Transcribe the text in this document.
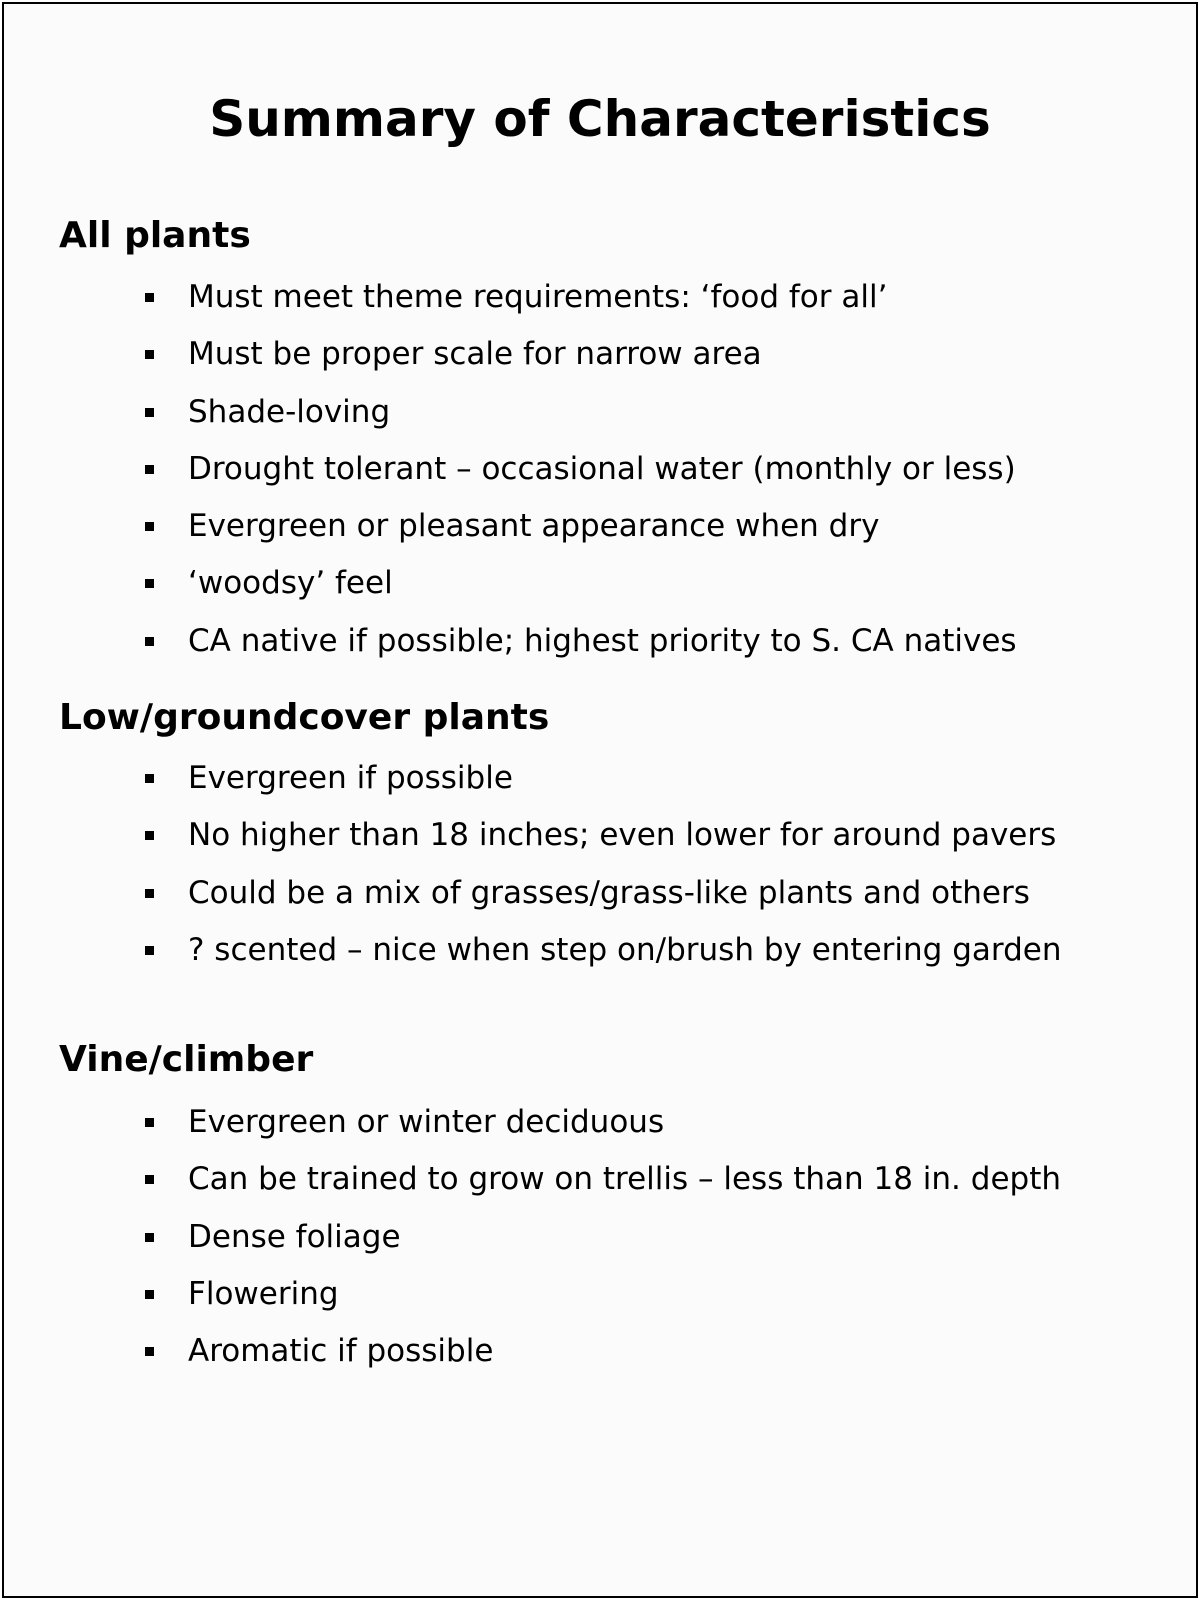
Summary of Characteristics
All plants
Must meet theme requirements: ‘food for all’
Must be proper scale for narrow area
Shade-loving
Drought tolerant – occasional water (monthly or less)
Evergreen or pleasant appearance when dry
‘woodsy’ feel
CA native if possible; highest priority to S. CA natives
Low/groundcover plants
Evergreen if possible
No higher than 18 inches; even lower for around pavers
Could be a mix of grasses/grass-like plants and others
? scented – nice when step on/brush by entering garden
Vine/climber
Evergreen or winter deciduous
Can be trained to grow on trellis – less than 18 in. depth
Dense foliage
Flowering
Aromatic if possible
